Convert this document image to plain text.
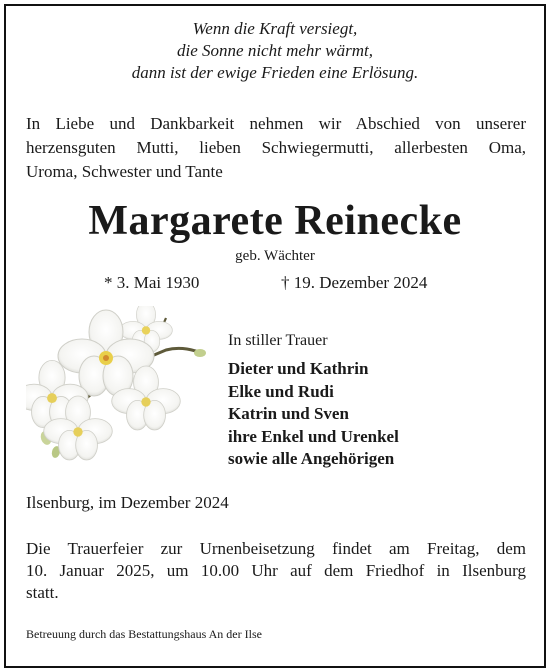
Wenn die Kraft versiegt,
die Sonne nicht mehr wärmt,
dann ist der ewige Frieden eine Erlösung.
In Liebe und Dankbarkeit nehmen wir Abschied von unserer
herzensguten Mutti, lieben Schwiegermutti, allerbesten Oma,
Uroma, Schwester und Tante
Margarete Reinecke
geb. Wächter
* 3. Mai 1930	† 19. Dezember 2024
In stiller Trauer
Dieter und Kathrin
Elke und Rudi
Katrin und Sven
ihre Enkel und Urenkel
sowie alle Angehörigen
Ilsenburg, im Dezember 2024
Die Trauerfeier zur Urnenbeisetzung findet am Freitag, dem
10. Januar 2025, um 10.00 Uhr auf dem Friedhof in Ilsenburg
statt.
Betreuung durch das Bestattungshaus An der Ilse
